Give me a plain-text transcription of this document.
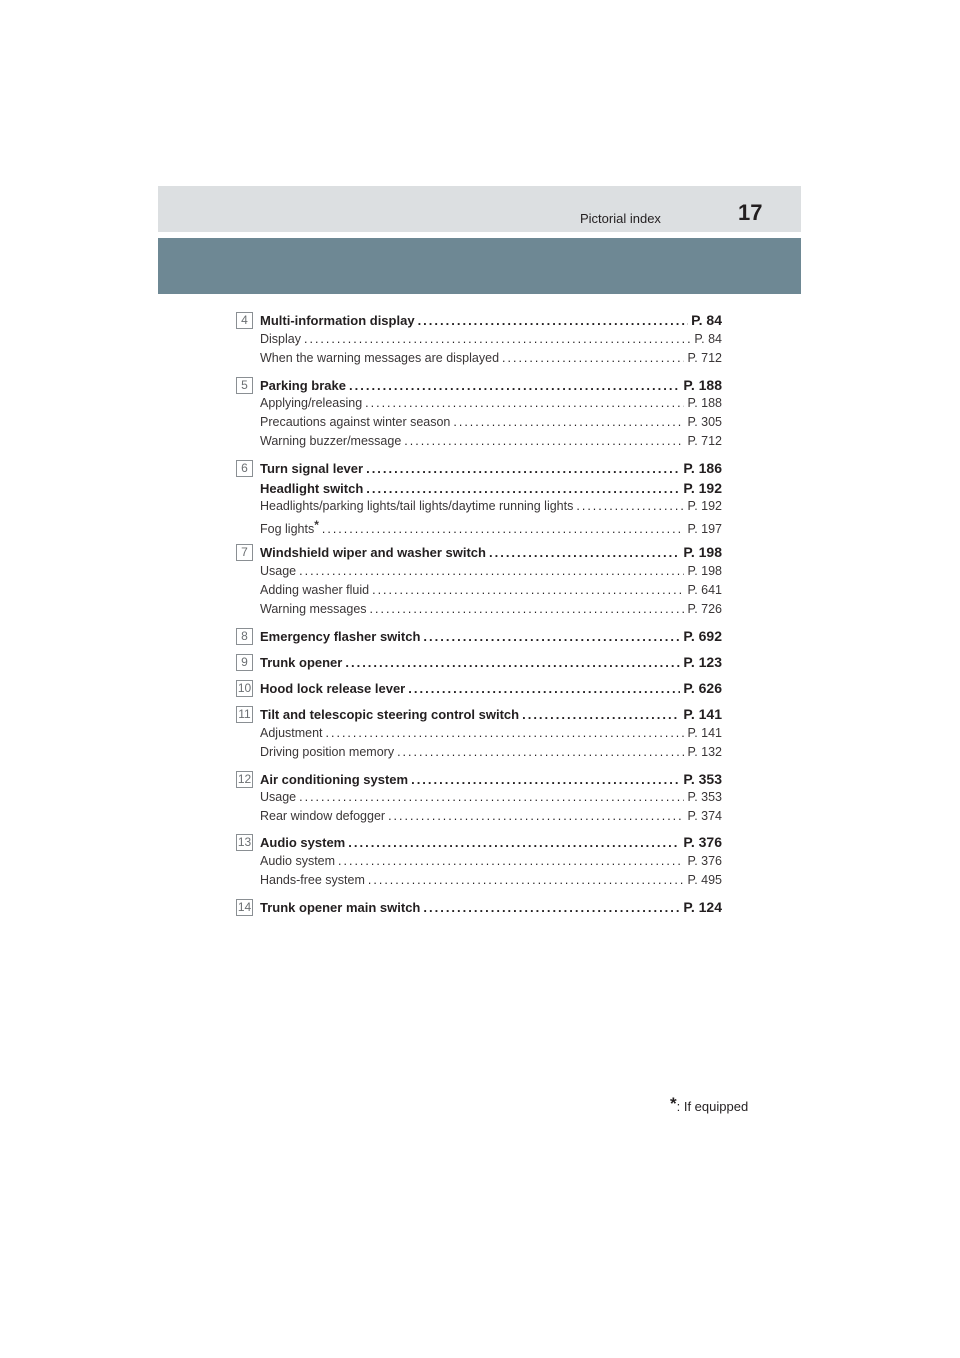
Pictorial index	17
4 Multi-information display .....	P. 84
Display .....	P. 84
When the warning messages are displayed .....	P. 712
5 Parking brake .....	P. 188
Applying/releasing .....	P. 188
Precautions against winter season .....	P. 305
Warning buzzer/message .....	P. 712
6 Turn signal lever .....	P. 186
Headlight switch .....	P. 192
Headlights/parking lights/tail lights/daytime running lights .....	P. 192
Fog lights* .....	P. 197
7 Windshield wiper and washer switch .....	P. 198
Usage .....	P. 198
Adding washer fluid .....	P. 641
Warning messages .....	P. 726
8 Emergency flasher switch .....	P. 692
9 Trunk opener .....	P. 123
10 Hood lock release lever .....	P. 626
11 Tilt and telescopic steering control switch .....	P. 141
Adjustment .....	P. 141
Driving position memory .....	P. 132
12 Air conditioning system .....	P. 353
Usage .....	P. 353
Rear window defogger .....	P. 374
13 Audio system .....	P. 376
Audio system .....	P. 376
Hands-free system .....	P. 495
14 Trunk opener main switch .....	P. 124
*: If equipped
